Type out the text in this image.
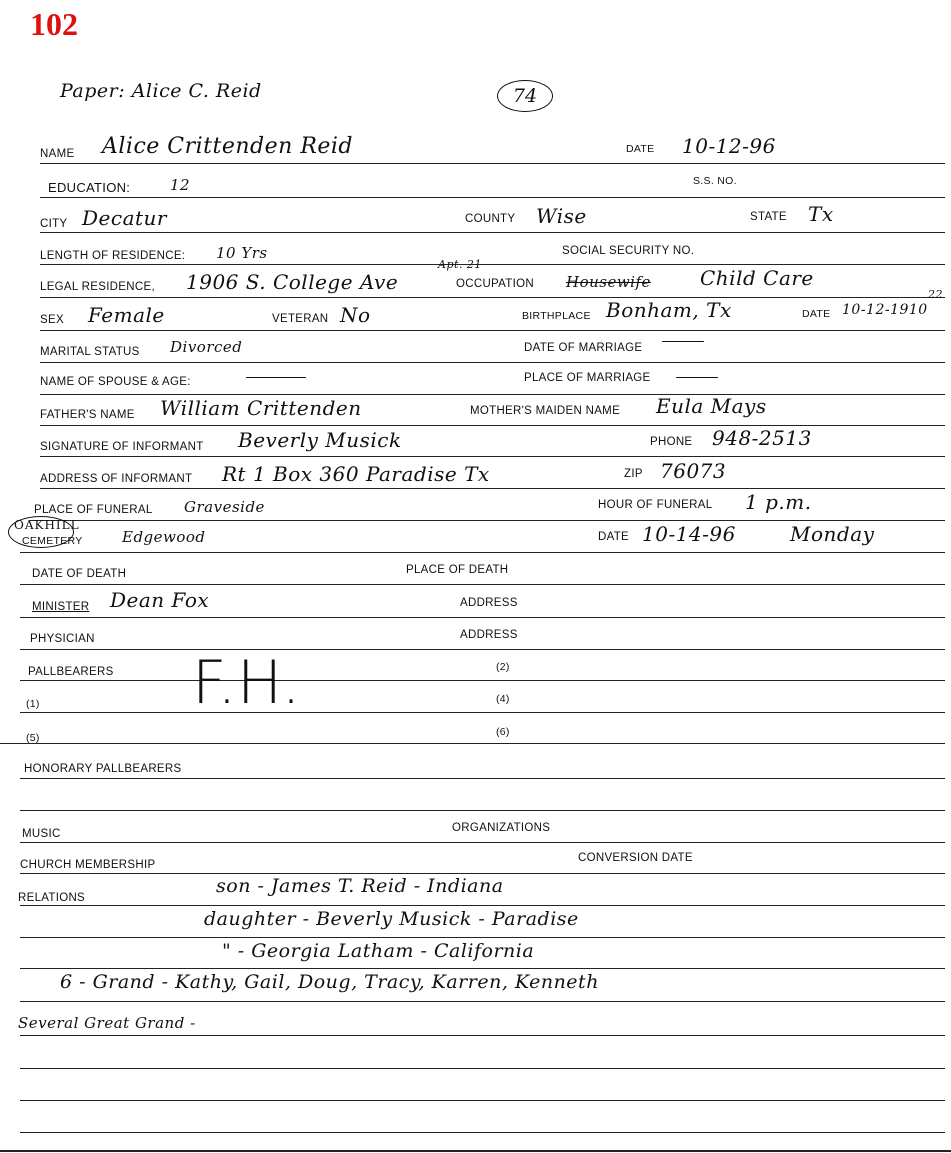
102
Paper: Alice C. Reid	74
NAME Alice Crittenden Reid	DATE 10-12-96
EDUCATION:	12	S.S. NO.
CITY Decatur	COUNTY Wise	STATE Tx
LENGTH OF RESIDENCE: 10 Yrs	SOCIAL SECURITY NO.
LEGAL RESIDENCE, 1906 S. College Ave
Apt. 21
OCCUPATION Housewife Child Care
SEX Female	VETERAN No	BIRTHPLACE Bonham, Tx	DATE 10-12-1910
22
MARITAL STATUS Divorced	DATE OF MARRIAGE
NAME OF SPOUSE & AGE:	PLACE OF MARRIAGE
FATHER'S NAME William Crittenden	MOTHER'S MAIDEN NAME Eula Mays
SIGNATURE OF INFORMANT Beverly Musick	PHONE 948-2513
ADDRESS OF INFORMANT Rt 1 Box 360 Paradise Tx	ZIP 76073
PLACE OF FUNERAL Graveside	HOUR OF FUNERAL 1 p.m.
OAKHILL
CEMETERY	Edgewood	DATE 10-14-96	Monday
DATE OF DEATH	PLACE OF DEATH
MINISTER Dean Fox	ADDRESS
PHYSICIAN	ADDRESS
PALLBEARERS	(2)
F.H.
(1)	(4)
(5)	(6)
HONORARY PALLBEARERS
MUSIC	ORGANIZATIONS
CHURCH MEMBERSHIP
CONVERSION DATE
RELATIONS
son - James T. Reid - Indiana
daughter - Beverly Musick - Paradise
" - Georgia Latham - California
6 - Grand - Kathy, Gail, Doug, Tracy, Karren, Kenneth
Several Great Grand -
